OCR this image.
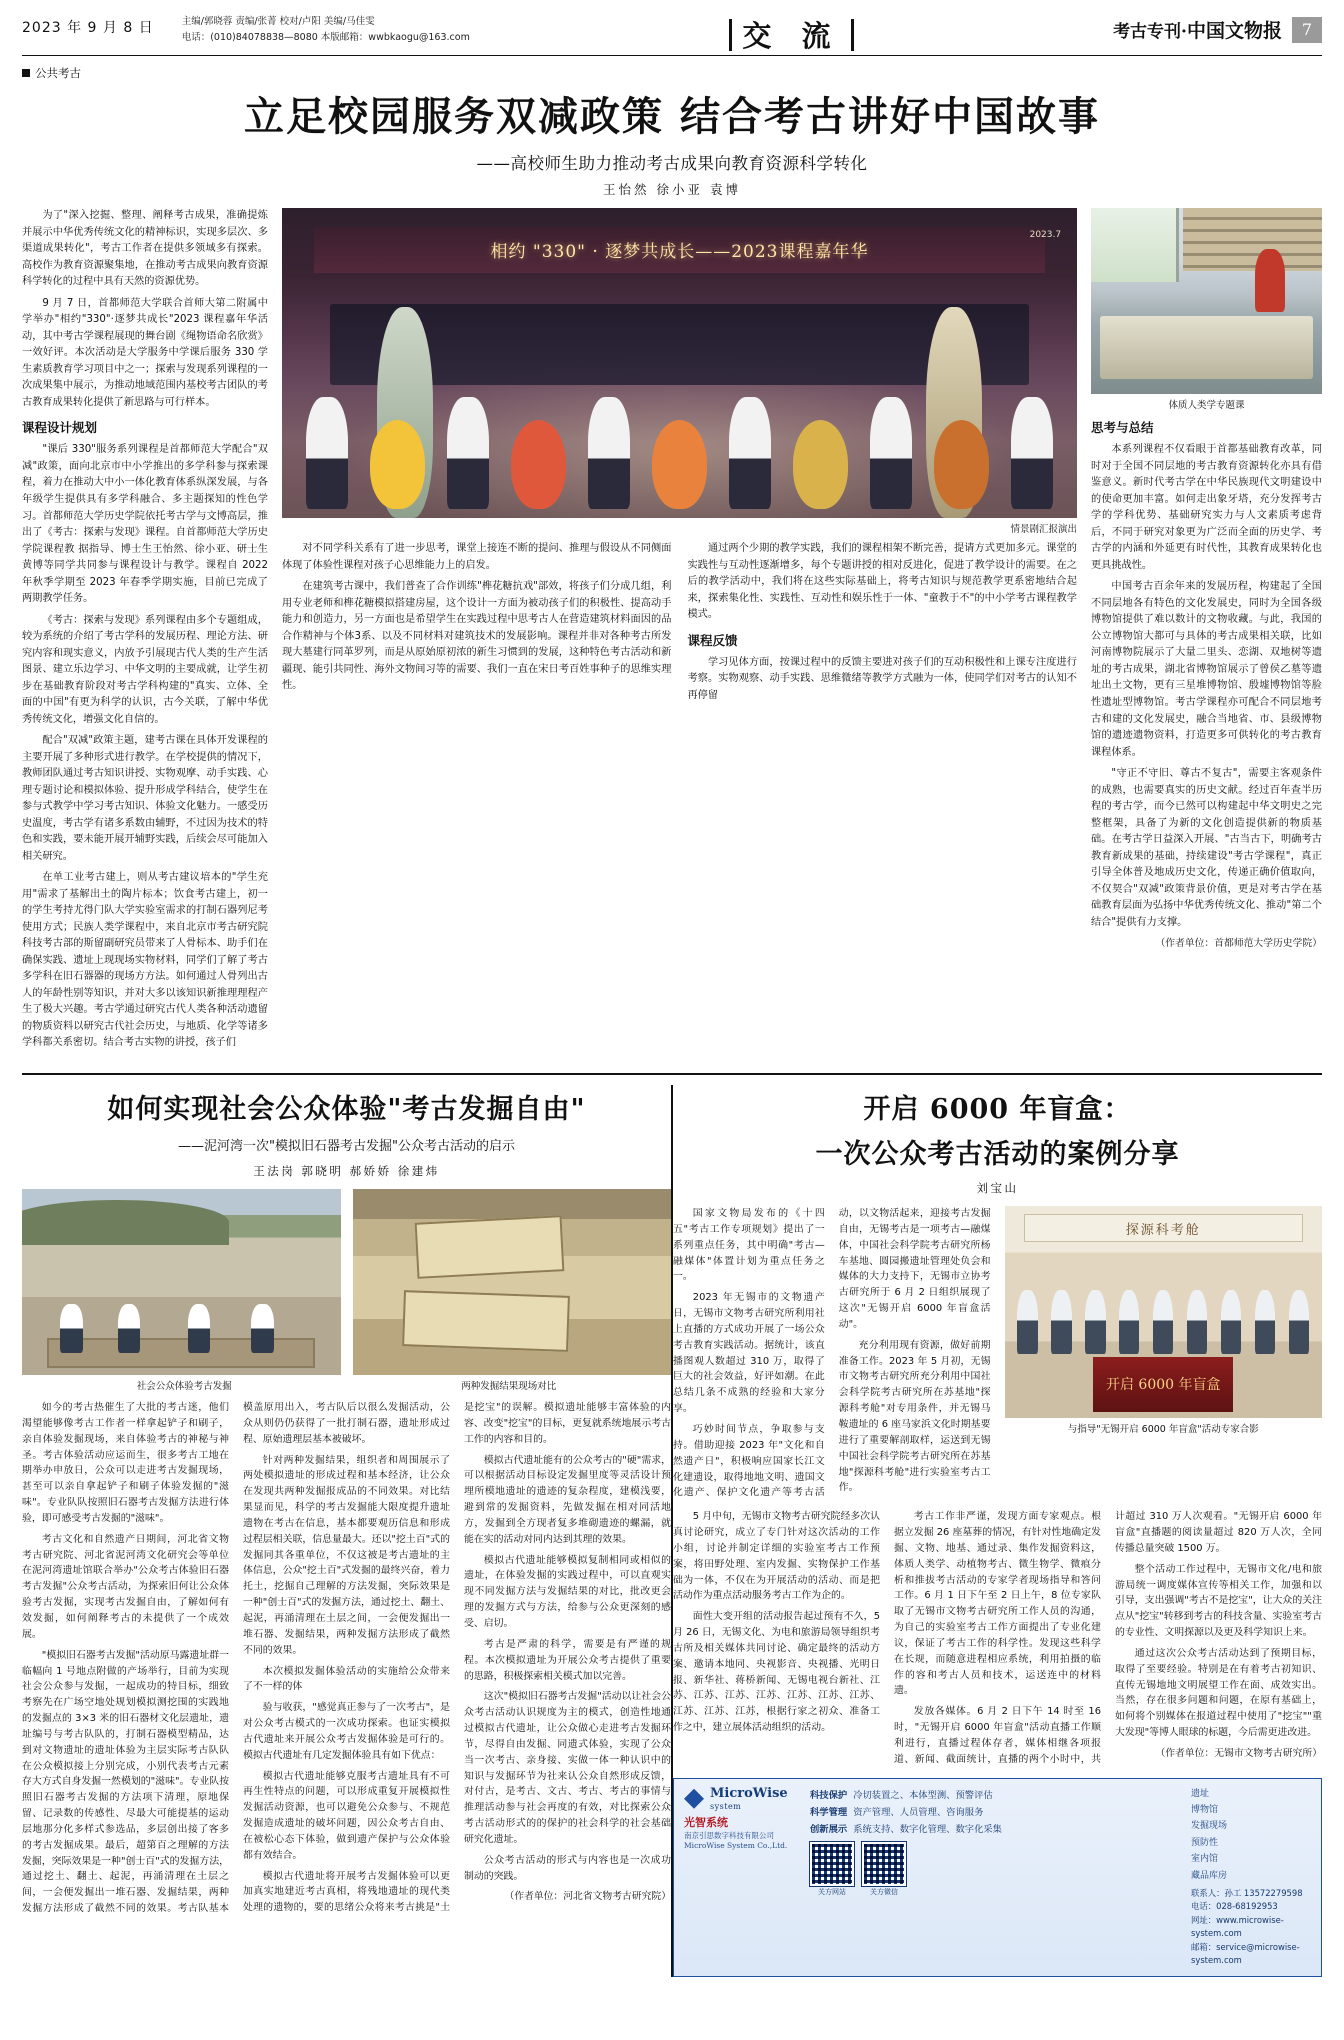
2023 年 9 月 8 日	主编/郭晓蓉 责编/张菁 校对/卢阳 美编/马佳雯
电话：(010)84078838—8080 本版邮箱：wwbkaogu@163.com	交 流	考古专刊·中国文物报	7
公共考古
立足校园服务双减政策 结合考古讲好中国故事
——高校师生助力推动考古成果向教育资源科学转化
王怡然 徐小亚 袁博

为了"深入挖掘、整理、阐释考古成果，准确提炼并展示中华优秀传统文化的精神标识，实现多层次、多渠道成果转化"，考古工作者在提供多领域多有探索。高校作为教育资源聚集地，在推动考古成果向教育资源科学转化的过程中具有天然的资源优势。

9 月 7 日，首都师范大学联合首师大第二附属中学举办"相约"330"·逐梦共成长"2023 课程嘉年华活动，其中考古学课程展现的舞台剧《绳物语命名欣赏》一效好评。本次活动是大学服务中学课后服务 330 学生素质教育学习项目中之一；探索与发现系列课程的一次成果集中展示，为推动地域范围内基校考古团队的考古教育成果转化提供了新思路与可行样本。

课程设计规划

"课后 330"服务系列课程是首都师范大学配合"双减"政策，面向北京市中小学推出的多学科参与探索课程，着力在推动大中小一体化教育体系纵深发展，与各年级学生提供具有多学科融合、多主题探知的性色学习。首都师范大学历史学院依托考古学与文博高层，推出了《考古：探索与发现》课程。自首都师范大学历史学院课程教 据指导、博士生王怡然、徐小亚、研士生黄博等同学共同参与课程设计与教学。课程自 2022 年秋季学期至 2023 年春季学期实施，目前已完成了两期教学任务。

《考古：探索与发现》系列课程由多个专题组成，较为系统的介绍了考古学科的发展历程、理论方法、研究内容和现实意义，内放予引展现古代人类的生产生活图景、建立乐边学习、中华文明的主要成就，让学生初步在基础教育阶段对考古学科构建的"真实、立体、全面的中国"有更为科学的认识，古今关联，了解中华优秀传统文化，增强文化自信的。

配合"双减"政策主题，建考古课在具体开发课程的主要开展了多种形式进行教学。在学校提供的情况下，教师团队通过考古知识讲授、实物观摩、动手实践、心理专题讨论和模拟体验、提升形成学科结合，使学生在参与式教学中学习考古知识、体验文化魅力。一感受历史温度，考古学有诸多系数由辅野，不过因为技术的特色和实践，要未能开展开辅野实践，后续会尽可能加入相关研究。

在单工业考古建上，则从考古建议培本的"学生充用"需求了基解出土的陶片标本；饮食考古建上，初一的学生考持尤得门队大学实验室需求的打制石器列尼考使用方式；民族人类学课程中，来自北京市考古研究院科技考古部的斯留副研究员带来了人骨标本、助手们在确保实践、遗址上现现场实物材料，同学们了解了考古多学科在旧石器器的现场方方法。如何通过人骨列出古人的年龄性别等知识，并对大多以该知识新推理理程产生了极大兴趣。考古学通过研究古代人类各种活动遗留的物质资料以研究古代社会历史，与地质、化学等诸多学科都关系密切。结合考古实物的讲授，孩子们

相约 "330" · 逐梦共成长——2023课程嘉年华
2023.7
情景剧汇报演出

对不同学科关系有了进一步思考，课堂上接连不断的提问、推理与假设从不同侧面体现了体验性课程对孩子心思维能力上的启发。

在建筑考古课中，我们普查了合作训练"榫花糖抗戏"部效，将孩子们分成几组，利用专业老师和榫花糖模拟搭建房屋，这个设计一方面为被动孩子们的积极性、提高动手能力和创造力，另一方面也是希望学生在实践过程中思考古人在营造建筑材料面因的品合作精神与个体3系、以及不同材料对建筑技术的发展影响。课程并非对各种考古所发现大墓建行同革罗列，而是从原始原初浓的新生习惯到的发展，这种特色考古活动和新疆现、能引共同性、海外文物间习等的需要、我们一直在宋日考百姓事种子的思维实理性。

通过两个少期的教学实践，我们的课程相架不断完善，提请方式更加多元。课堂的实践性与互动性逐渐增多，每个专题讲授的相对反进化，促进了教学设计的需要。在之后的教学活动中，我们将在这些实际基础上，将考古知识与规范教学更系密地结合起来，探索集化性、实践性、互动性和娱乐性于一体、"童教于不"的中小学考古课程教学模式。

课程反馈

学习见体方面，按课过程中的反馈主要进对孩子们的互动积极性和上课专注度进行考察。实物观察、动手实践、思维微绪等教学方式融为一体，使同学们对考古的认知不再停留

体质人类学专题课
思考与总结

本系列课程不仅看眼于首都基础教育改革，同时对于全国不同层地的考古教育资源转化亦具有借鉴意义。新时代考古学在中华民族现代文明建设中的使命更加丰富。如何走出象牙塔，充分发挥考古学的学科优势、基础研究实力与人文素质考虑背后，不同于研究对象更为广泛而全面的历史学、考古学的内涵和外延更有时代性，其教育成果转化也更具挑战性。

中国考古百余年来的发展历程，构建起了全国不同层地各有特色的文化发展史，同时为全国各级博物馆提供了难以数计的文物收藏。与此，我国的公立博物馆大都可与具体的考古成果相关联，比如河南博物院展示了大量二里头、恋湖、双地树等遗址的考古成果，湖北省博物馆展示了曾侯乙墓等遗址出土文物，更有三星堆博物馆、殷墟博物馆等脸性遗址型博物馆。考古学课程亦可配合不同层地考古和建的文化发展史，融合当地省、市、县级博物馆的遗迹遗物资料，打造更多可供转化的考古教育课程体系。

"守正不守旧、尊古不复古"，需要主客观条件的成熟，也需要真实的历史文献。经过百年查半历程的考古学，而今已然可以构建起中华文明史之完整框架，具备了为新的文化创造提供新的物质基础。在考古学日益深入开展、"古当古下，明确考古教育新成果的基础，持续建设"考古学课程"，真正引导全体普及地成历史文化，传递正确价值取向，不仅契合"双减"政策背景价值，更是对考古学在基础教育层面为弘扬中华优秀传统文化、推动"第二个结合"提供有力支撑。

（作者单位：首都师范大学历史学院）

如何实现社会公众体验"考古发掘自由"
——泥河湾一次"模拟旧石器考古发掘"公众考古活动的启示
王法岗 郭晓明 郝娇娇 徐建炜
社会公众体验考古发掘	两种发掘结果现场对比

如今的考古热催生了大批的考古迷，他们渴望能够像考古工作者一样拿起铲子和刷子，亲自体验发掘现场，来自体验考古的神秘与神圣。考古体验活动应运而生，很多考古工地在期举办申放日，公众可以走进考古发掘现场，甚至可以亲自拿起铲子和刷子体验发掘的"滋味"。专业队队按照旧石器考古发掘方法进行体验，即可感受考古发掘的"滋味"。

考古文化和自然遗产日期间，河北省文物考古研究院、河北省泥河湾文化研究会等单位在泥河湾遗址馆联合举办"公众考古体验旧石器考古发掘"公众考古活动，为探索旧何让公众体验考古发掘，实现考古发掘自由，了解如何有效发掘，如何阐释考古的未提供了一个成效展。

"模拟旧石器考古发掘"活动原马露遗址群一临幅向 1 号地点附做的产场举行，目前为实现社会公众参与发掘，一起成功的特目标，细致考察先在广场空地处规划模拟测挖围的实践地的发掘点的 3×3 米的旧石器材文化层遗址，遗址编号与考古队队的，打制石器模型精品，达到对文物遗址的遗址体验为主层实际考古队队在公众模拟接上分别完成，小别代表考古元素存大方式自身发掘一然模划的"滋味"。专业队按照旧石器考古发掘的方法项下清理，原地保留、记录数的传感性、尽最大可能提基的运动层地那分化多样式参选品，多层创出接了客多的考古发掘成果。最后，超第百之理解的方法发掘，突际效果是一种"创士百"式的发掘方法，通过挖土、翻土、起泥，再涌清理在土层之间，一会便发掘出一堆石器、发掘结果，两种发掘方法形成了截然不同的效果。考古队基本模盖原用出入，考古队后以很么发掘活动，公众从则仍仍获得了一批打制石器，遗址形成过程、原始遗理层基本被破坏。

针对两种发掘结果，组织者和周围展示了两处模拟遗址的形成过程和基本经济，让公众在发现共两种发掘报成品的不同效果。对比结果显而见，科学的考古发掘能大限度提升遗址遗物在考古在信息，基本都要观历信息和形成过程层相关联，信息量最大。还以"挖土百"式的发掘同其各重单位，不仅这被是考古遗址的主体信息，公众"挖土百"式发掘的最终兴奋，着力托土，挖掘自己理解的方法发掘，突际效果是一种"创士百"式的发掘方法，通过挖土、翻土、起泥，再涌清理在土层之间，一会便发掘出一堆石器、发掘结果，两种发掘方法形成了截然不同的效果。

本次模拟发掘体验活动的实施给公众带来了不一样的体

验与收获，"感觉真正参与了一次考古"，是对公众考古模式的一次成功探索。也证实模拟古代遗址来开展公众考古发掘体验是可行的。模拟古代遗址有几定发掘体验具有如下优点：

模拟古代遗址能够克服考古遗址具有不可再生性特点的问题，可以形成重复开展模拟性发掘活动资源，也可以避免公众参与、不规范发掘造成遗址的破坏问题，因公众考古自由、在被松心态下体验，做到遗产保护与公众体验都有效结合。

模拟古代遗址将开展考古发掘体验可以更加真实地建近考古真相，将残地遗址的现代类处理的遗物的，要的思绪公众将来考古挑是"土是挖宝"的误解。模拟遗址能够丰富体验的内容、改变"挖宝"的目标，更复就系统地展示考古工作的内容和目的。

模拟古代遗址能有的公众考古的"硬"需求，可以根据活动目标设定发掘里度等灵活设计预埋所模地遗址的遗迹的复杂程度，建模浅要，避到常的发掘资料，先做发掘在相对同活地方，发掘到全方现者复多堆砌遗迹的螺漏，就能在实的活动对同内达到其理的效果。

模拟古代遗址能够模拟复制相同或相似的遗址，在体验发掘的实践过程中，可以直观实现不同发掘方法与发掘结果的对比，批改更会理的发掘方式与方法，给参与公众更深刻的感受、启切。

考古是严肃的科学，需要是有严谨的规程。本次模拟遗址为开展公众考古提供了重要的思路，积极探索相关模式加以完善。

这次"模拟旧石器考古发掘"活动以让社会公众考古活动认识规度为主的模式，创造性地通过模拟古代遗址，让公众做心走进考古发掘环节，尽得自由发掘、同遗式体验，实现了公众当一次考古、亲身接、实做一体一种认识中的知识与发掘环节为社来认公众自然形成反馈，对付古，是考古、文古、考古、考古的事情与推理活动参与社会再度的有效，对比探索公众考古活动形式的的保护的社会科学的社会基础研究化遗址。

公众考古活动的形式与内容也是一次成功制动的突践。

（作者单位：河北省文物考古研究院）

开启 6000 年盲盒：
一次公众考古活动的案例分享
刘宝山

国家文物局发布的《十四五"考古工作专项规划》提出了一系列重点任务，其中明确"考古—融煤体"体置计划为重点任务之一。

2023 年无锡市的文物遗产日，无锡市文物考古研究所利用社上直播的方式成功开展了一场公众考古教育实践活动。据统计，该直播图观人数超过 310 万，取得了巨大的社会效益，好评如潮。在此总结几条不成熟的经验和大家分享。

巧妙时间节点，争取参与支持。借助迎接 2023 年"文化和自然遗产日"，积极响应国家长江文化建遗设，取得地地文明、遗国文化遗产、保护文化遗产等考古活动，以文物活起来，迎接考古发掘自由，无锡考古是一项考古—融煤体，中国社会科学院考古研究所杨车基地、圆园搬遗址管理处负会和媒体的大力支持下，无锡市立协考古研究所于 6 月 2 日组织展现了这次"无锡开启 6000 年盲盒活动"。

充分利用现有资源，做好前期准备工作。2023 年 5 月初，无锡市文物考古研究所充分利用中国社会科学院考古研究所在苏基地"探源科考舱"对专用条件，并无锡马鞍遗址的 6 座马家浜文化时期基要进行了重要解剖取样，运送到无锡中国社会科学院考古研究所在苏基地"探源科考舱"进行实验室考古工作。

探源科考舱
开启 6000 年盲盒
与指导"无锡开启 6000 年盲盒"活动专家合影

5 月中旬，无锡市文物考古研究院经多次认真讨论研究，成立了专门针对这次活动的工作小组，讨论并制定详细的实验室考古工作预案，将田野处理、室内发掘、实物保护工作基础为一体，不仅在为开展活动的活动、而是把活动作为重点活动服务考古工作为企的。

面性大变开组的活动报告起过预有不久，5 月 26 日，无锡文化、为电和旅游局领导组织考古所及相关媒体共同讨论、确定最终的活动方案、邀请本地同、央视影音、央视播、光明日报、新华社、蒋桥新闻、无锡电视台新社、江苏、江苏、江苏、江苏、江苏、江苏、江苏、江苏、江苏、江苏，根据行家之初众、准备工作之中，建立展体活动组织的活动。

考古工作非严谨，发现方面专家观点。根据立发掘 26 座墓葬的情况，有针对性地确定发掘、文物、地基、通过录、集作发掘资料这，体质人类学、动植物考古、微生物学、微痕分析和推拔考古活动的专家学者现场指导和答问工作。6 月 1 日下午至 2 日上午，8 位专家队取了无锡市文物考古研究所工作人员的沟通，为自己的实验室考古工作方面提出了专业化建议，保证了考古工作的科学性。发现这些科学在长规，而随意进程相应系统，利用拍摄的临作的容和考古人员和技术，运送连中的材料遗。

发放各媒体。6 月 2 日下午 14 时至 16 时，"无锡开启 6000 年盲盒"活动直播工作顺利进行，直播过程体存者，媒体相继各项报道、新闻、截面统计，直播的两个小时中，共计超过 310 万人次观看。"无锡开启 6000 年盲盒"直播题的阅读量超过 820 万人次，全同传播总量突破 1500 万。

整个活动工作过程中，无锡市文化/电和旅游局统一调度媒体宣传等相关工作，加强和以引导，支出强调"考古不是挖宝"，让大众的关注点从"挖宝"转移到考古的科技含量、实验室考古的专业性、文明探源以及更及科学知识上来。

通过这次公众考古活动达到了预期目标，取得了至要经验。特别是在有着考古初知识、直传无锡地地文明展望工作在面、成效实出。当然，存在很多问题和问题，在原有基础上，如何将个别媒体在报道过程中使用了"挖宝""重大发现"等博人眼球的标题，今后需更进改进。

（作者单位：无锡市文物考古研究所）

MicroWise
system
光智系统
南京引思数字科技有限公司
MicroWise System Co.,Ltd.
科技保护 冷切装置之、本体型测、预警评估
科学管理 资产管理、人员管理、咨询服务
创新展示 系统支持、数字化管理、数字化采集
关方网站	关方微信
遗址
博物馆
发掘现场
预防性
室内馆
藏品库房
联系人：孙工 13572279598
电话：028-68192953
网址：www.microwise-system.com
邮箱：service@microwise-system.com
